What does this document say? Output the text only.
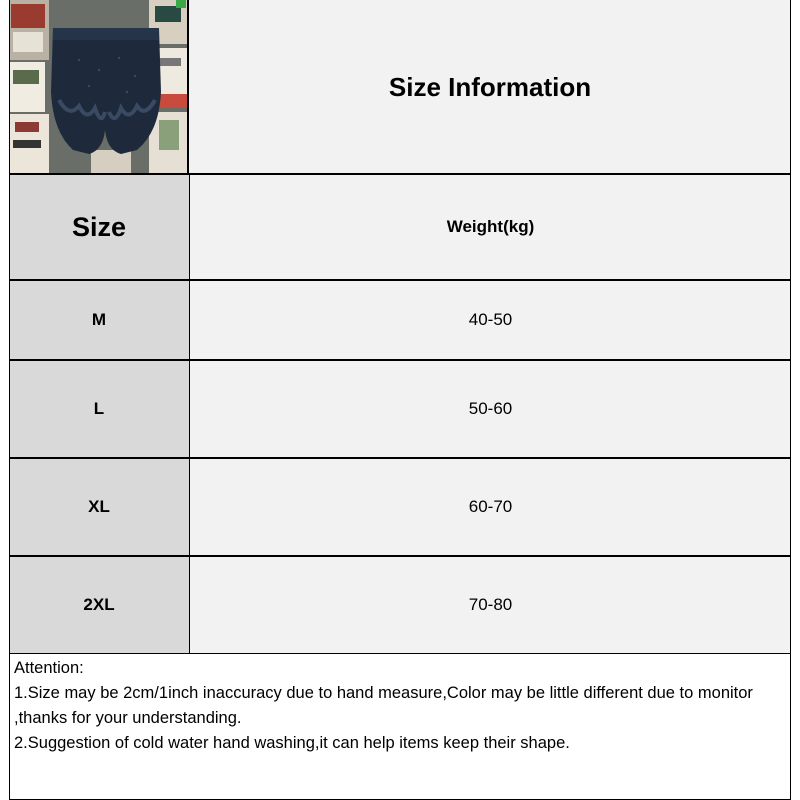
Size Information
Size	Weight(kg)
M	40-50
L	50-60
XL	60-70
2XL	70-80

Attention:

1.Size may be 2cm/1inch inaccuracy due to hand measure,Color may be little different due to monitor ,thanks for your understanding.

2.Suggestion of cold water hand washing,it can help items keep their shape.
